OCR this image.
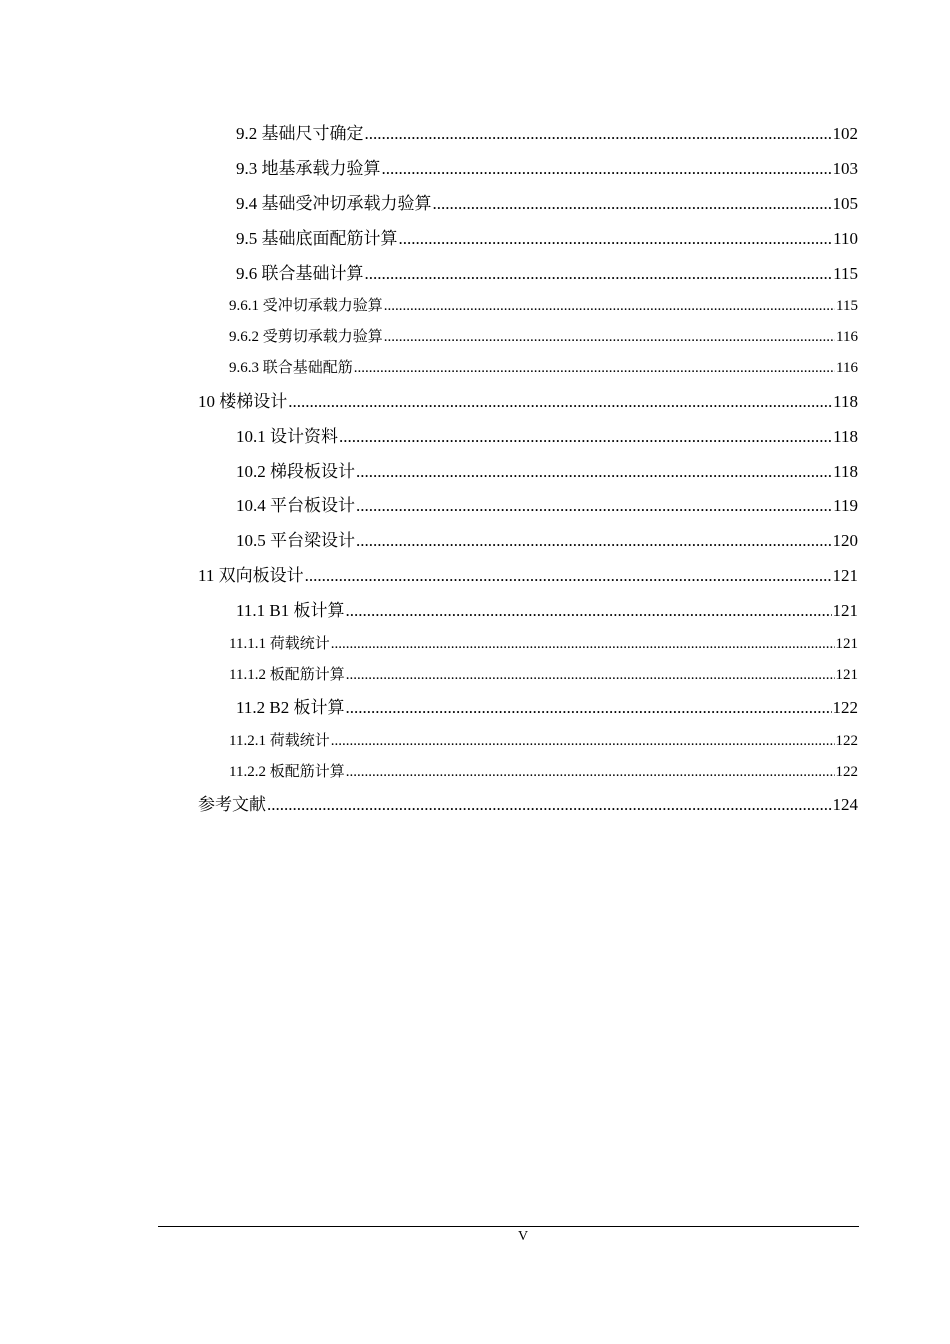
9.2 基础尺寸确定 .....	102
9.3 地基承载力验算 .....	103
9.4 基础受冲切承载力验算 .....	105
9.5 基础底面配筋计算 .....	110
9.6 联合基础计算 .....	115
9.6.1 受冲切承载力验算 .....	115
9.6.2 受剪切承载力验算 .....	116
9.6.3 联合基础配筋 .....	116
10 楼梯设计 .....	118
10.1 设计资料 .....	118
10.2 梯段板设计 .....	118
10.4 平台板设计 .....	119
10.5 平台梁设计 .....	120
11 双向板设计 .....	121
11.1 B1 板计算 .....	121
11.1.1 荷载统计 .....	121
11.1.2 板配筋计算 .....	121
11.2 B2 板计算 .....	122
11.2.1 荷载统计 .....	122
11.2.2 板配筋计算 .....	122
参考文献 .....	124
V
